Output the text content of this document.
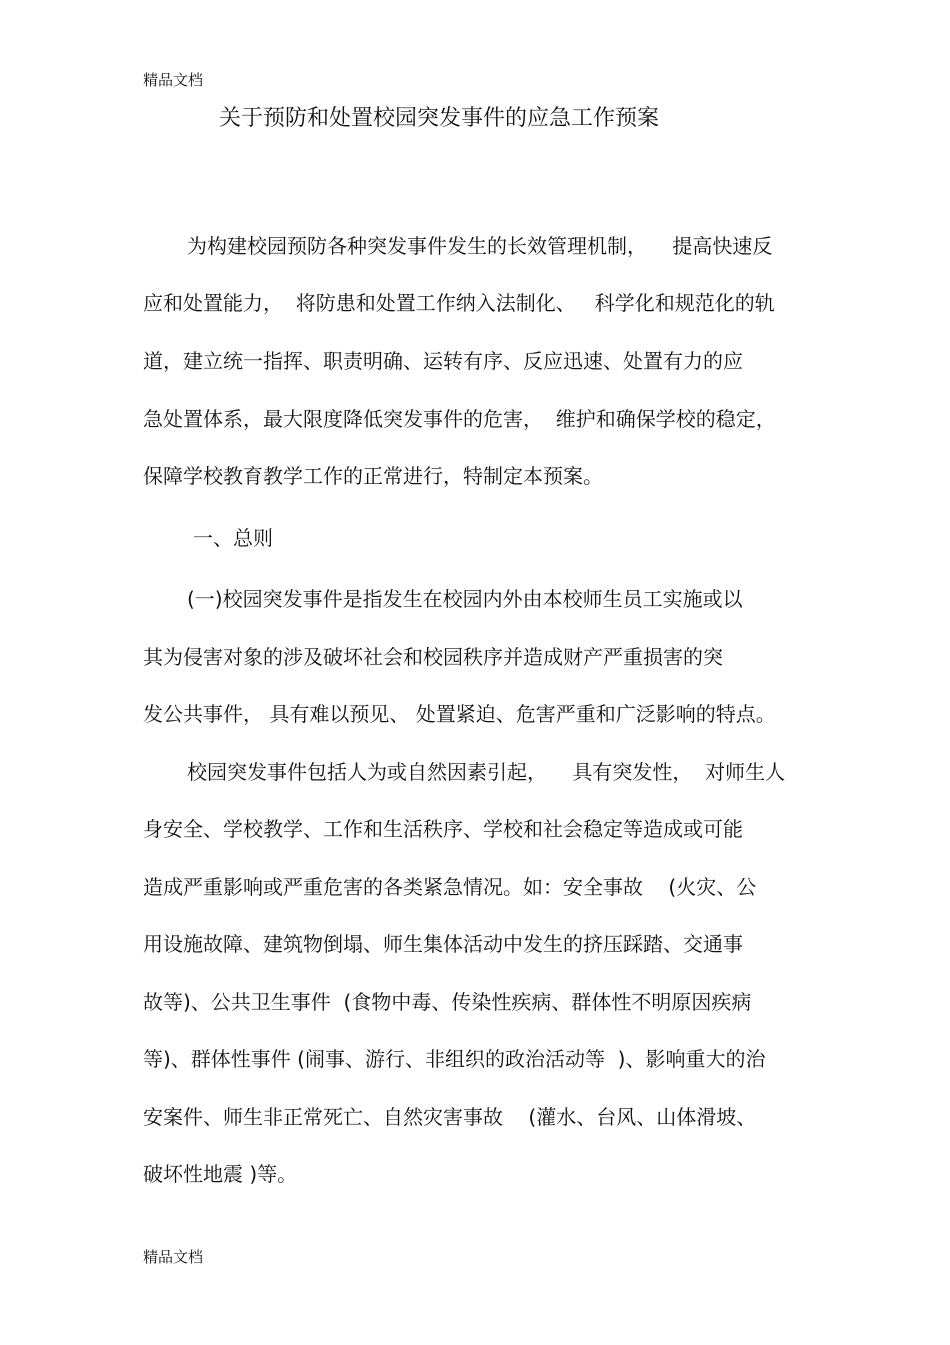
精品文档
关于预防和处置校园突发事件的应急工作预案
为构建校园预防各种突发事件发生的长效管理机制，    提高快速反
应和处置能力，  将防患和处置工作纳入法制化、   科学化和规范化的轨
道，建立统一指挥、职责明确、运转有序、反应迅速、处置有力的应
急处置体系，最大限度降低突发事件的危害，  维护和确保学校的稳定，
保障学校教育教学工作的正常进行，特制定本预案。
一、总则
(一)校园突发事件是指发生在校园内外由本校师生员工实施或以
其为侵害对象的涉及破坏社会和校园秩序并造成财产严重损害的突
发公共事件， 具有难以预见、 处置紧迫、危害严重和广泛影响的特点。
校园突发事件包括人为或自然因素引起，    具有突发性，  对师生人
身安全、学校教学、工作和生活秩序、学校和社会稳定等造成或可能
造成严重影响或严重危害的各类紧急情况。如：安全事故    (火灾、公
用设施故障、建筑物倒塌、师生集体活动中发生的挤压踩踏、交通事
故等)、公共卫生事件  (食物中毒、传染性疾病、群体性不明原因疾病
等)、群体性事件 (闹事、游行、非组织的政治活动等  )、影响重大的治
安案件、师生非正常死亡、自然灾害事故    (灌水、台风、山体滑坡、
破坏性地震 )等。
精品文档
